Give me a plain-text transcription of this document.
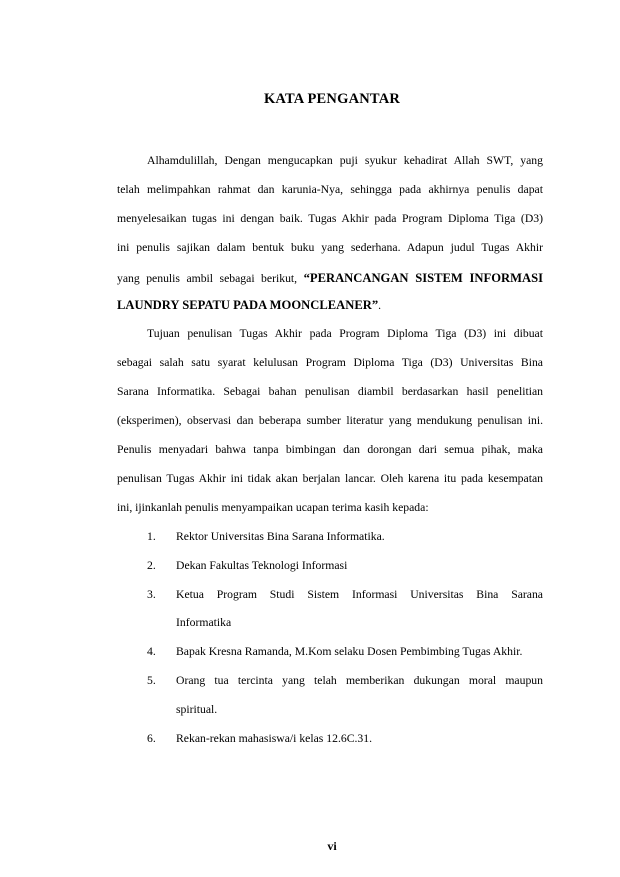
KATA PENGANTAR
Alhamdulillah, Dengan mengucapkan puji syukur kehadirat Allah SWT, yang
telah melimpahkan rahmat dan karunia-Nya, sehingga pada akhirnya penulis dapat
menyelesaikan tugas ini dengan baik. Tugas Akhir pada Program Diploma Tiga (D3)
ini penulis sajikan dalam bentuk buku yang sederhana. Adapun judul Tugas Akhir
yang penulis ambil sebagai berikut, “PERANCANGAN SISTEM INFORMASI
LAUNDRY SEPATU PADA MOONCLEANER”.
Tujuan penulisan Tugas Akhir pada Program Diploma Tiga (D3) ini dibuat
sebagai salah satu syarat kelulusan Program Diploma Tiga (D3) Universitas Bina
Sarana Informatika. Sebagai bahan penulisan diambil berdasarkan hasil penelitian
(eksperimen), observasi dan beberapa sumber literatur yang mendukung penulisan ini.
Penulis menyadari bahwa tanpa bimbingan dan dorongan dari semua pihak, maka
penulisan Tugas Akhir ini tidak akan berjalan lancar. Oleh karena itu pada kesempatan
ini, ijinkanlah penulis menyampaikan ucapan terima kasih kepada:
1. Rektor Universitas Bina Sarana Informatika.
2. Dekan Fakultas Teknologi Informasi
3. Ketua Program Studi Sistem Informasi Universitas Bina Sarana
Informatika
4. Bapak Kresna Ramanda, M.Kom selaku Dosen Pembimbing Tugas Akhir.
5. Orang tua tercinta yang telah memberikan dukungan moral maupun
spiritual.
6. Rekan-rekan mahasiswa/i kelas 12.6C.31.
vi
